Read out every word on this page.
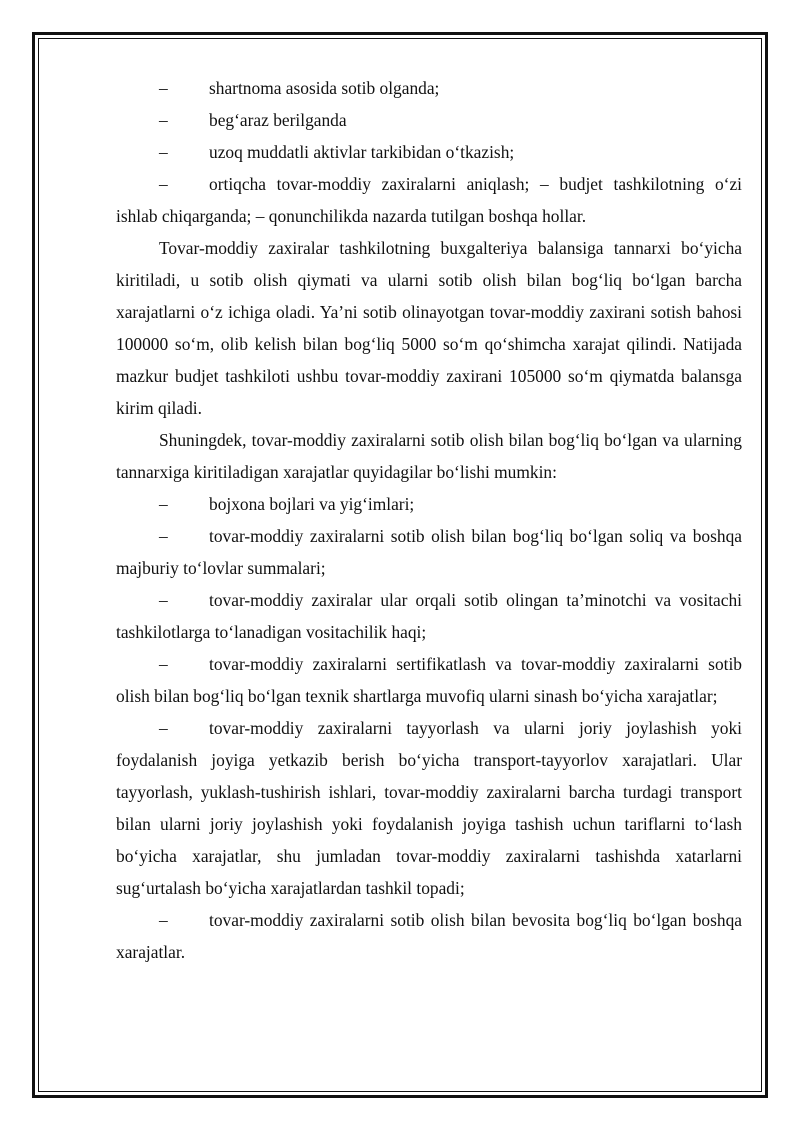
– shartnoma asosida sotib olganda;

– beg‘araz berilganda

– uzoq muddatli aktivlar tarkibidan o‘tkazish;

– ortiqcha tovar-moddiy zaxiralarni aniqlash; – budjet tashkilotning o‘zi ishlab chiqarganda; – qonunchilikda nazarda tutilgan boshqa hollar.

Tovar-moddiy zaxiralar tashkilotning buxgalteriya balansiga tannarxi bo‘yicha kiritiladi, u sotib olish qiymati va ularni sotib olish bilan bog‘liq bo‘lgan barcha xarajatlarni o‘z ichiga oladi. Ya’ni sotib olinayotgan tovar-moddiy zaxirani sotish bahosi 100000 so‘m, olib kelish bilan bog‘liq 5000 so‘m qo‘shimcha xarajat qilindi. Natijada mazkur budjet tashkiloti ushbu tovar-moddiy zaxirani 105000 so‘m qiymatda balansga kirim qiladi.

Shuningdek, tovar-moddiy zaxiralarni sotib olish bilan bog‘liq bo‘lgan va ularning tannarxiga kiritiladigan xarajatlar quyidagilar bo‘lishi mumkin:

– bojxona bojlari va yig‘imlari;

– tovar-moddiy zaxiralarni sotib olish bilan bog‘liq bo‘lgan soliq va boshqa majburiy to‘lovlar summalari;

– tovar-moddiy zaxiralar ular orqali sotib olingan ta’minotchi va vositachi tashkilotlarga to‘lanadigan vositachilik haqi;

– tovar-moddiy zaxiralarni sertifikatlash va tovar-moddiy zaxiralarni sotib olish bilan bog‘liq bo‘lgan texnik shartlarga muvofiq ularni sinash bo‘yicha xarajatlar;

– tovar-moddiy zaxiralarni tayyorlash va ularni joriy joylashish yoki foydalanish joyiga yetkazib berish bo‘yicha transport-tayyorlov xarajatlari. Ular tayyorlash, yuklash-tushirish ishlari, tovar-moddiy zaxiralarni barcha turdagi transport bilan ularni joriy joylashish yoki foydalanish joyiga tashish uchun tariflarni to‘lash bo‘yicha xarajatlar, shu jumladan tovar-moddiy zaxiralarni tashishda xatarlarni sug‘urtalash bo‘yicha xarajatlardan tashkil topadi;

– tovar-moddiy zaxiralarni sotib olish bilan bevosita bog‘liq bo‘lgan boshqa xarajatlar.
